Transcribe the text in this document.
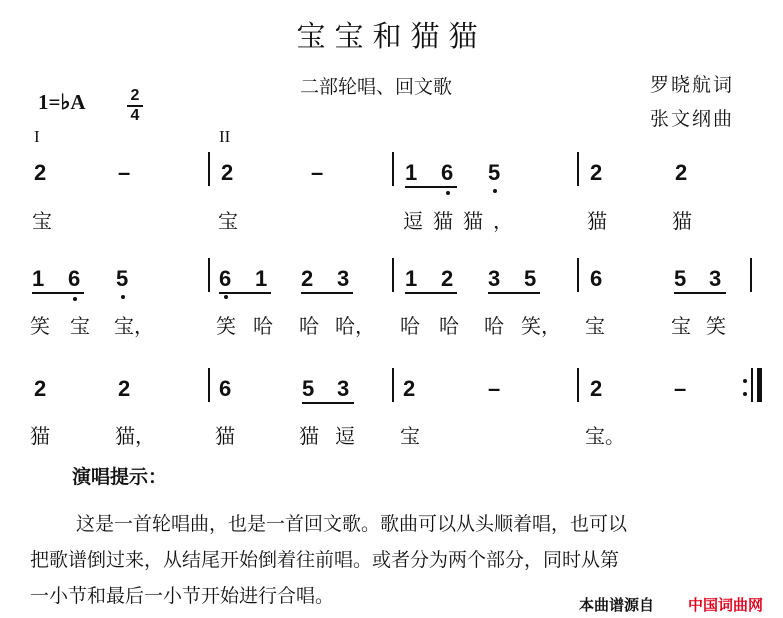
宝宝和猫猫
二部轮唱、回文歌	罗晓航词
张文纲曲
1=♭A	2
4
I	II
2	–	2	–	1 6 5	2	2
宝	宝	逗猫猫，	猫	猫
1 6 5	6 1 2 3	1 2 3 5 6	5 3
笑 宝 宝，	笑 哈 哈 哈， 哈 哈 哈 笑， 宝	宝 笑
2	2	6	5 3 2	–	2	–
猫	猫，	猫	猫 逗 宝	宝。
演唱提示：
这是一首轮唱曲，也是一首回文歌。歌曲可以从头顺着唱，也可以
把歌谱倒过来，从结尾开始倒着往前唱。或者分为两个部分，同时从第
一小节和最后一小节开始进行合唱。	本曲谱源自 中国词曲网
